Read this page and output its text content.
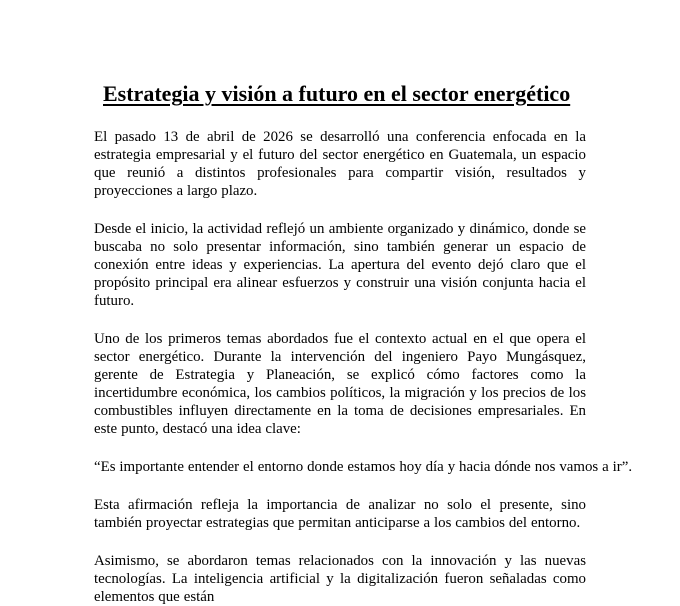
Estrategia y visión a futuro en el sector energético

El pasado 13 de abril de 2026 se desarrolló una conferencia enfocada en la estrategia empresarial y el futuro del sector energético en Guatemala, un espacio que reunió a distintos profesionales para compartir visión, resultados y proyecciones a largo plazo.

Desde el inicio, la actividad reflejó un ambiente organizado y dinámico, donde se buscaba no solo presentar información, sino también generar un espacio de conexión entre ideas y experiencias. La apertura del evento dejó claro que el propósito principal era alinear esfuerzos y construir una visión conjunta hacia el futuro.

Uno de los primeros temas abordados fue el contexto actual en el que opera el sector energético. Durante la intervención del ingeniero Payo Mungásquez, gerente de Estrategia y Planeación, se explicó cómo factores como la incertidumbre económica, los cambios políticos, la migración y los precios de los combustibles influyen directamente en la toma de decisiones empresariales. En este punto, destacó una idea clave:

“Es importante entender el entorno donde estamos hoy día y hacia dónde nos vamos a ir”.

Esta afirmación refleja la importancia de analizar no solo el presente, sino también proyectar estrategias que permitan anticiparse a los cambios del entorno.

Asimismo, se abordaron temas relacionados con la innovación y las nuevas tecnologías. La inteligencia artificial y la digitalización fueron señaladas como elementos que están
